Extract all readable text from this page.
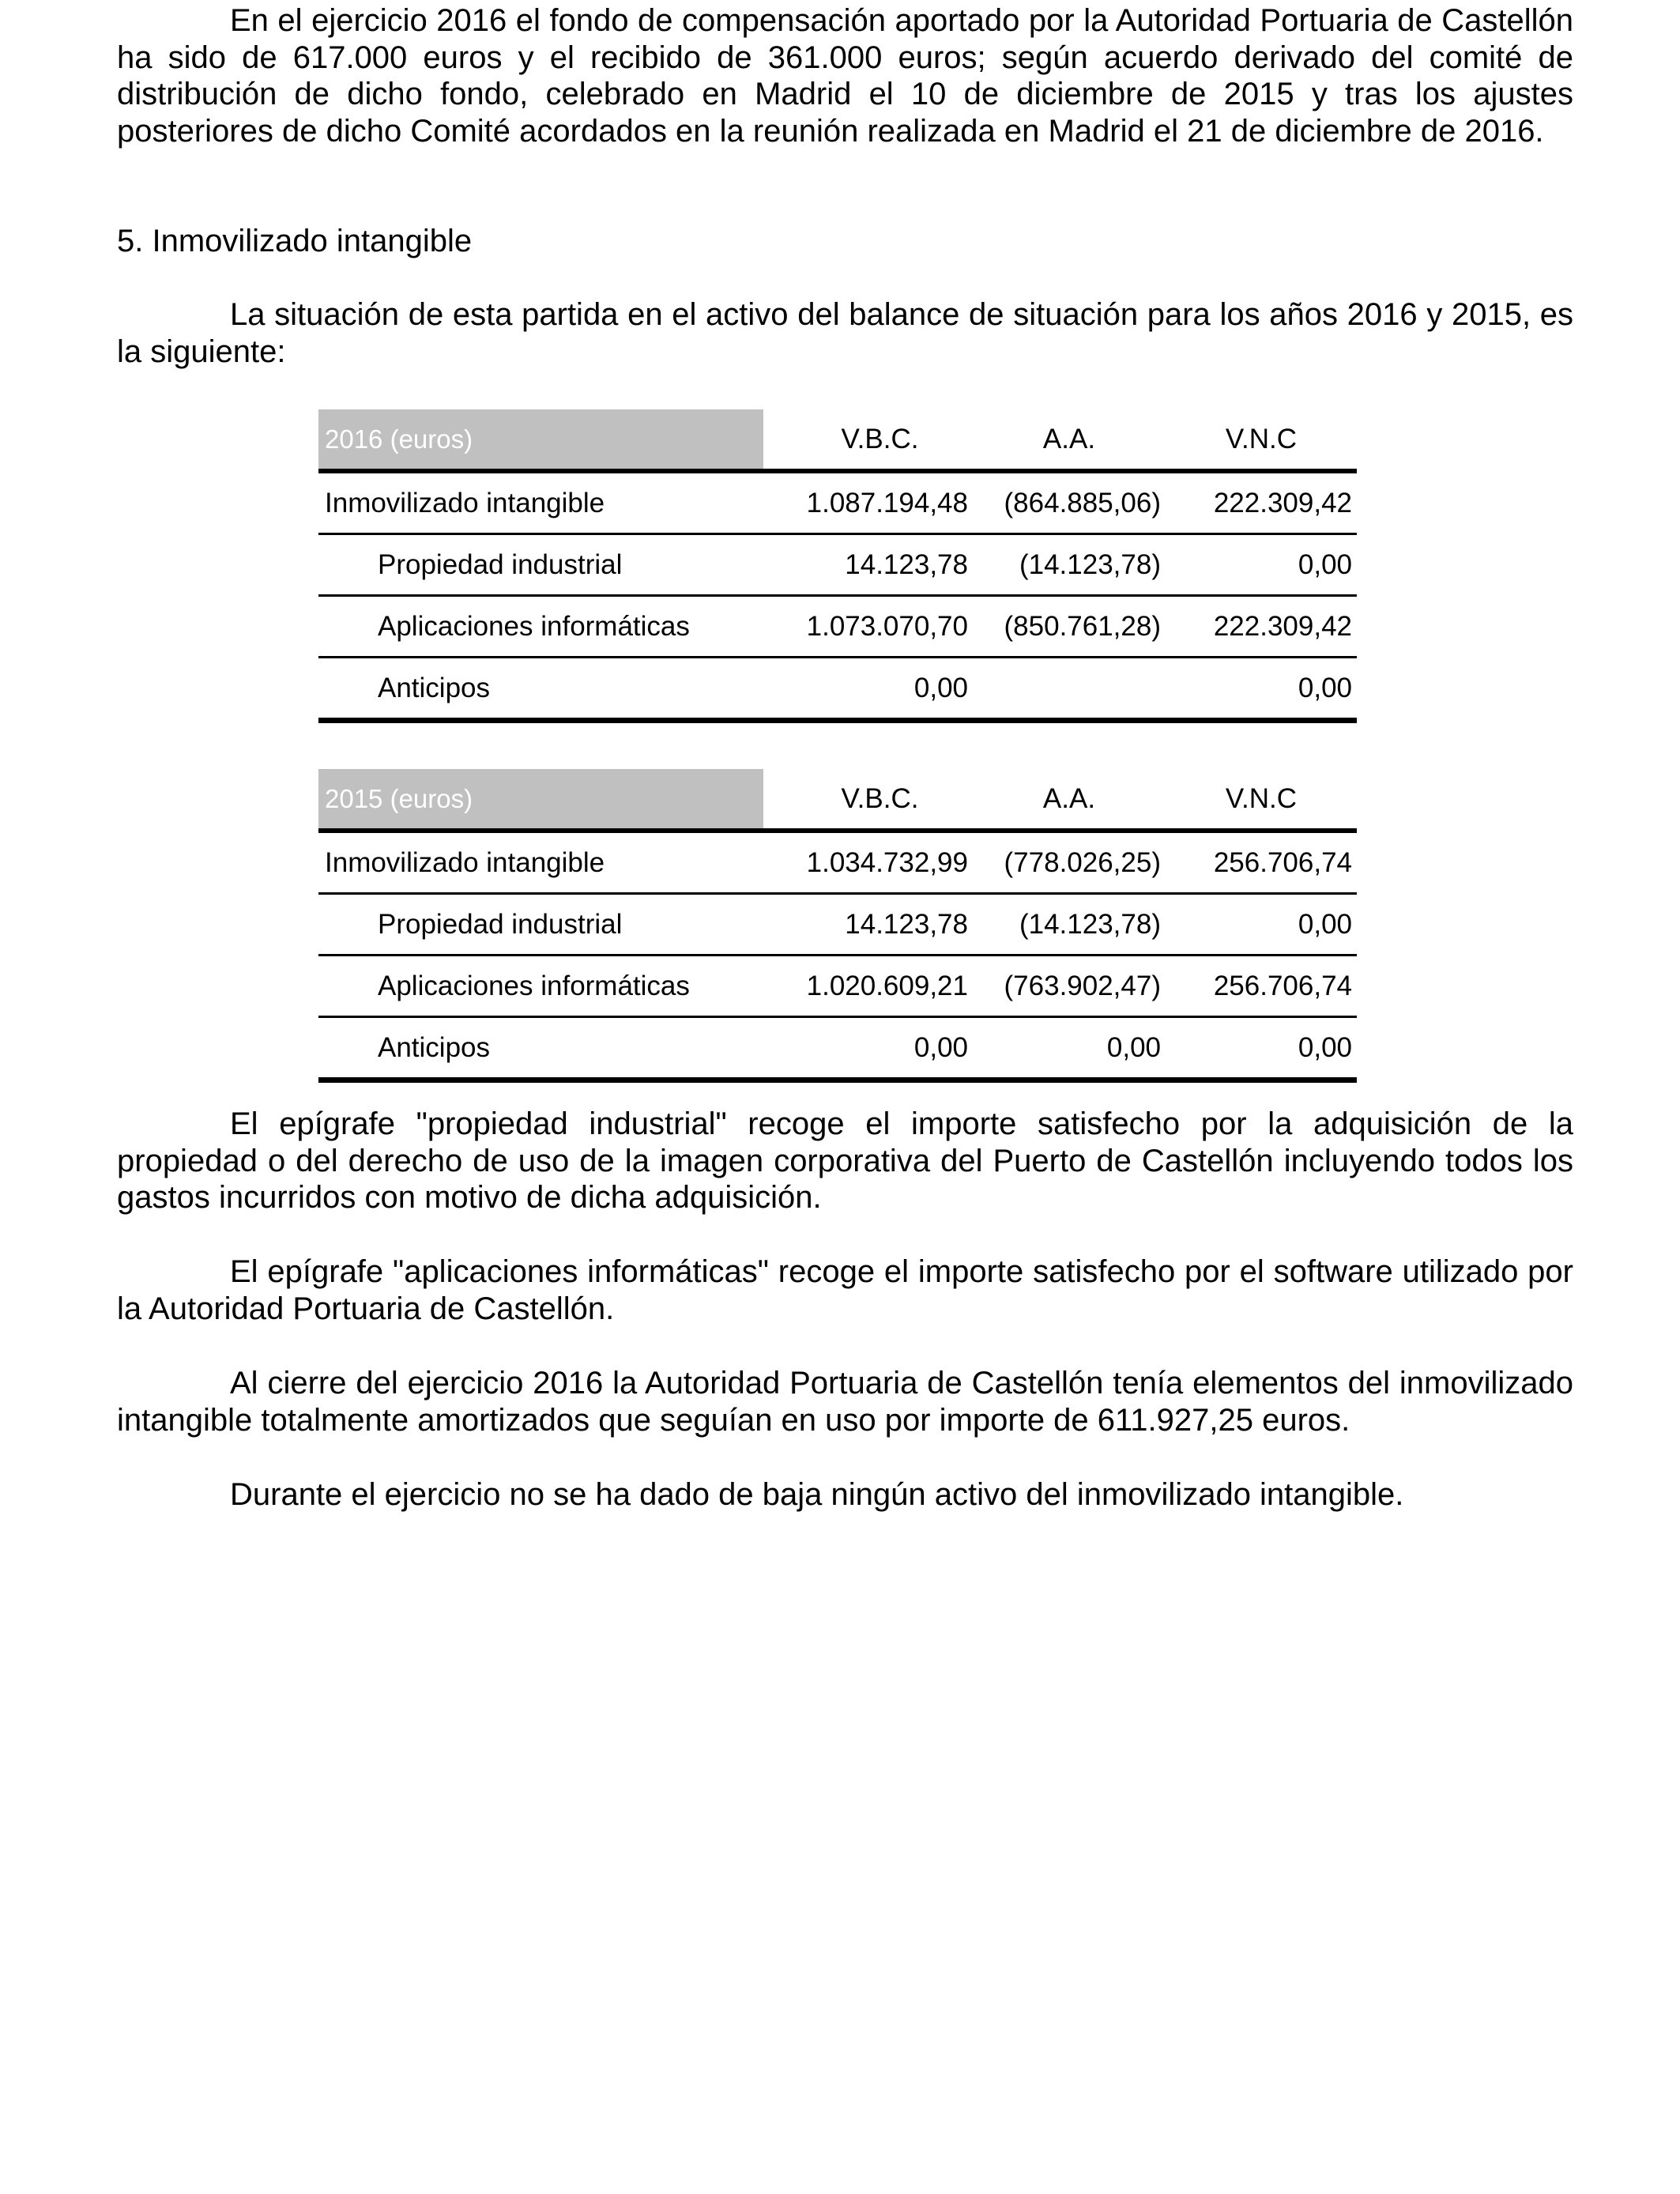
En el ejercicio 2016 el fondo de compensación aportado por la Autoridad Portuaria de Castellón ha sido de 617.000 euros y el recibido de 361.000 euros; según acuerdo derivado del comité de distribución de dicho fondo, celebrado en Madrid el 10 de diciembre de 2015 y tras los ajustes posteriores de dicho Comité acordados en la reunión realizada en Madrid el 21 de diciembre de 2016.

5. Inmovilizado intangible

La situación de esta partida en el activo del balance de situación para los años 2016 y 2015, es la siguiente:

2016 (euros)	V.B.C.	A.A.	V.N.C
Inmovilizado intangible	1.087.194,48	(864.885,06)	222.309,42
Propiedad industrial	14.123,78	(14.123,78)	0,00
Aplicaciones informáticas	1.073.070,70	(850.761,28)	222.309,42
Anticipos	0,00		0,00
2015 (euros)	V.B.C.	A.A.	V.N.C
Inmovilizado intangible	1.034.732,99	(778.026,25)	256.706,74
Propiedad industrial	14.123,78	(14.123,78)	0,00
Aplicaciones informáticas	1.020.609,21	(763.902,47)	256.706,74
Anticipos	0,00	0,00	0,00

El epígrafe "propiedad industrial" recoge el importe satisfecho por la adquisición de la propiedad o del derecho de uso de la imagen corporativa del Puerto de Castellón incluyendo todos los gastos incurridos con motivo de dicha adquisición.

El epígrafe "aplicaciones informáticas" recoge el importe satisfecho por el software utilizado por la Autoridad Portuaria de Castellón.

Al cierre del ejercicio 2016 la Autoridad Portuaria de Castellón tenía elementos del inmovilizado intangible totalmente amortizados que seguían en uso por importe de 611.927,25 euros.

Durante el ejercicio no se ha dado de baja ningún activo del inmovilizado intangible.
